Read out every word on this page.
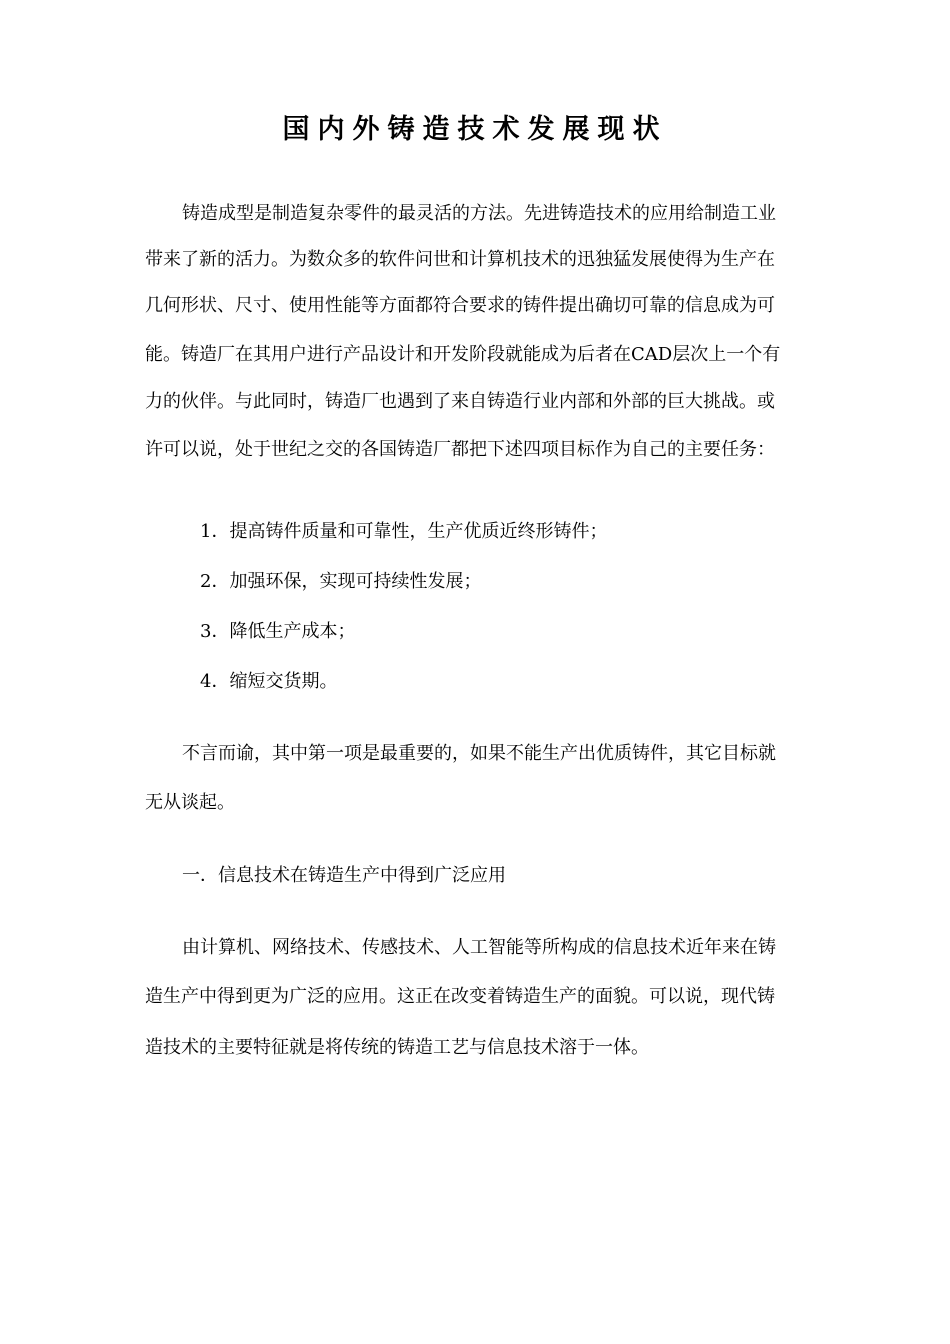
国内外铸造技术发展现状
铸造成型是制造复杂零件的最灵活的方法。先进铸造技术的应用给制造工业
带来了新的活力。为数众多的软件问世和计算机技术的迅独猛发展使得为生产在
几何形状、尺寸、使用性能等方面都符合要求的铸件提出确切可靠的信息成为可
能。铸造厂在其用户进行产品设计和开发阶段就能成为后者在CAD层次上一个有
力的伙伴。与此同时，铸造厂也遇到了来自铸造行业内部和外部的巨大挑战。或
许可以说，处于世纪之交的各国铸造厂都把下述四项目标作为自己的主要任务：
1．提高铸件质量和可靠性，生产优质近终形铸件；
2．加强环保，实现可持续性发展；
3．降低生产成本；
4．缩短交货期。
不言而谕，其中第一项是最重要的，如果不能生产出优质铸件，其它目标就
无从谈起。
一．信息技术在铸造生产中得到广泛应用
由计算机、网络技术、传感技术、人工智能等所构成的信息技术近年来在铸
造生产中得到更为广泛的应用。这正在改变着铸造生产的面貌。可以说，现代铸
造技术的主要特征就是将传统的铸造工艺与信息技术溶于一体。
